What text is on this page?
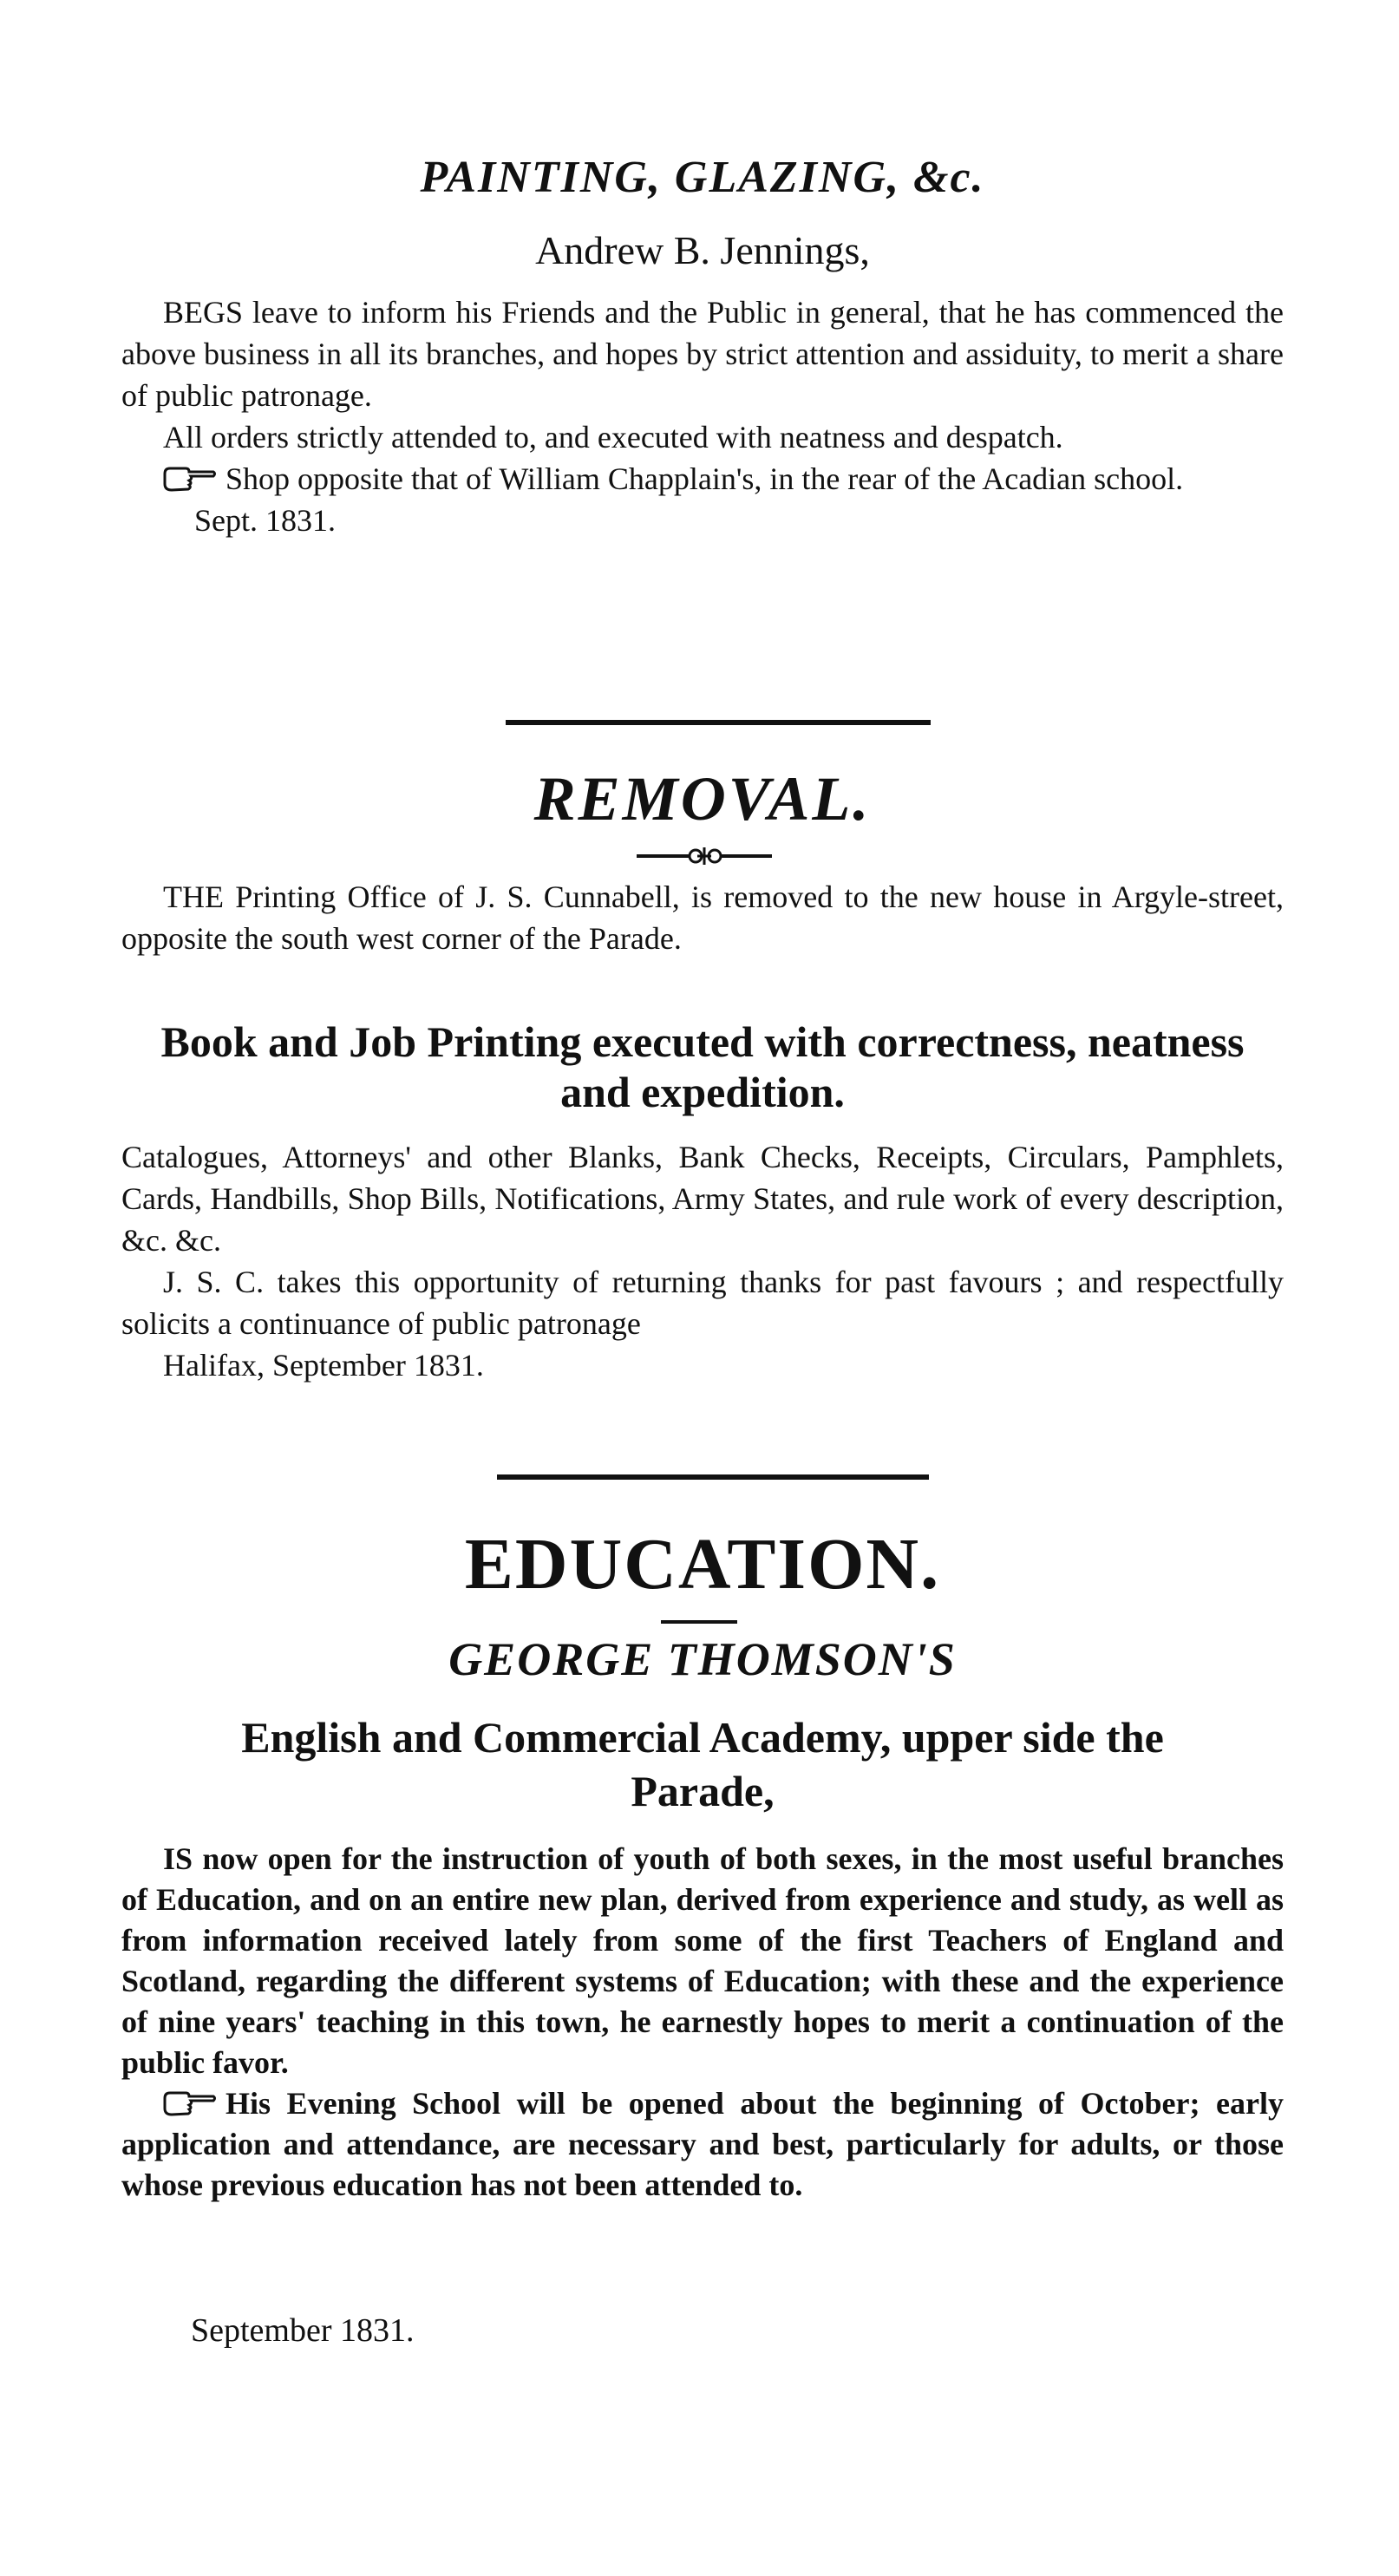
PAINTING, GLAZING, &c.
Andrew B. Jennings,

BEGS leave to inform his Friends and the Public in general, that he has commenced the above business in all its branches, and hopes by strict attention and assiduity, to merit a share of public patronage.

All orders strictly attended to, and executed with neatness and despatch.

Shop opposite that of William Chapplain's, in the rear of the Acadian school.

Sept. 1831.

REMOVAL.

THE Printing Office of J. S. Cunnabell, is removed to the new house in Argyle-street, opposite the south west corner of the Parade.

Book and Job Printing executed with correctness, neatness and expedition.

Catalogues, Attorneys' and other Blanks, Bank Checks, Receipts, Circulars, Pamphlets, Cards, Handbills, Shop Bills, Notifications, Army States, and rule work of every description, &c. &c.

J. S. C. takes this opportunity of returning thanks for past favours ; and respectfully solicits a continuance of public patronage

Halifax, September 1831.

EDUCATION.
GEORGE THOMSON'S
English and Commercial Academy, upper side the Parade,

IS now open for the instruction of youth of both sexes, in the most useful branches of Education, and on an entire new plan, derived from experience and study, as well as from information received lately from some of the first Teachers of England and Scotland, regarding the different systems of Education; with these and the experience of nine years' teaching in this town, he earnestly hopes to merit a continuation of the public favor.

His Evening School will be opened about the beginning of October; early application and attendance, are necessary and best, particularly for adults, or those whose previous education has not been attended to.

September 1831.
